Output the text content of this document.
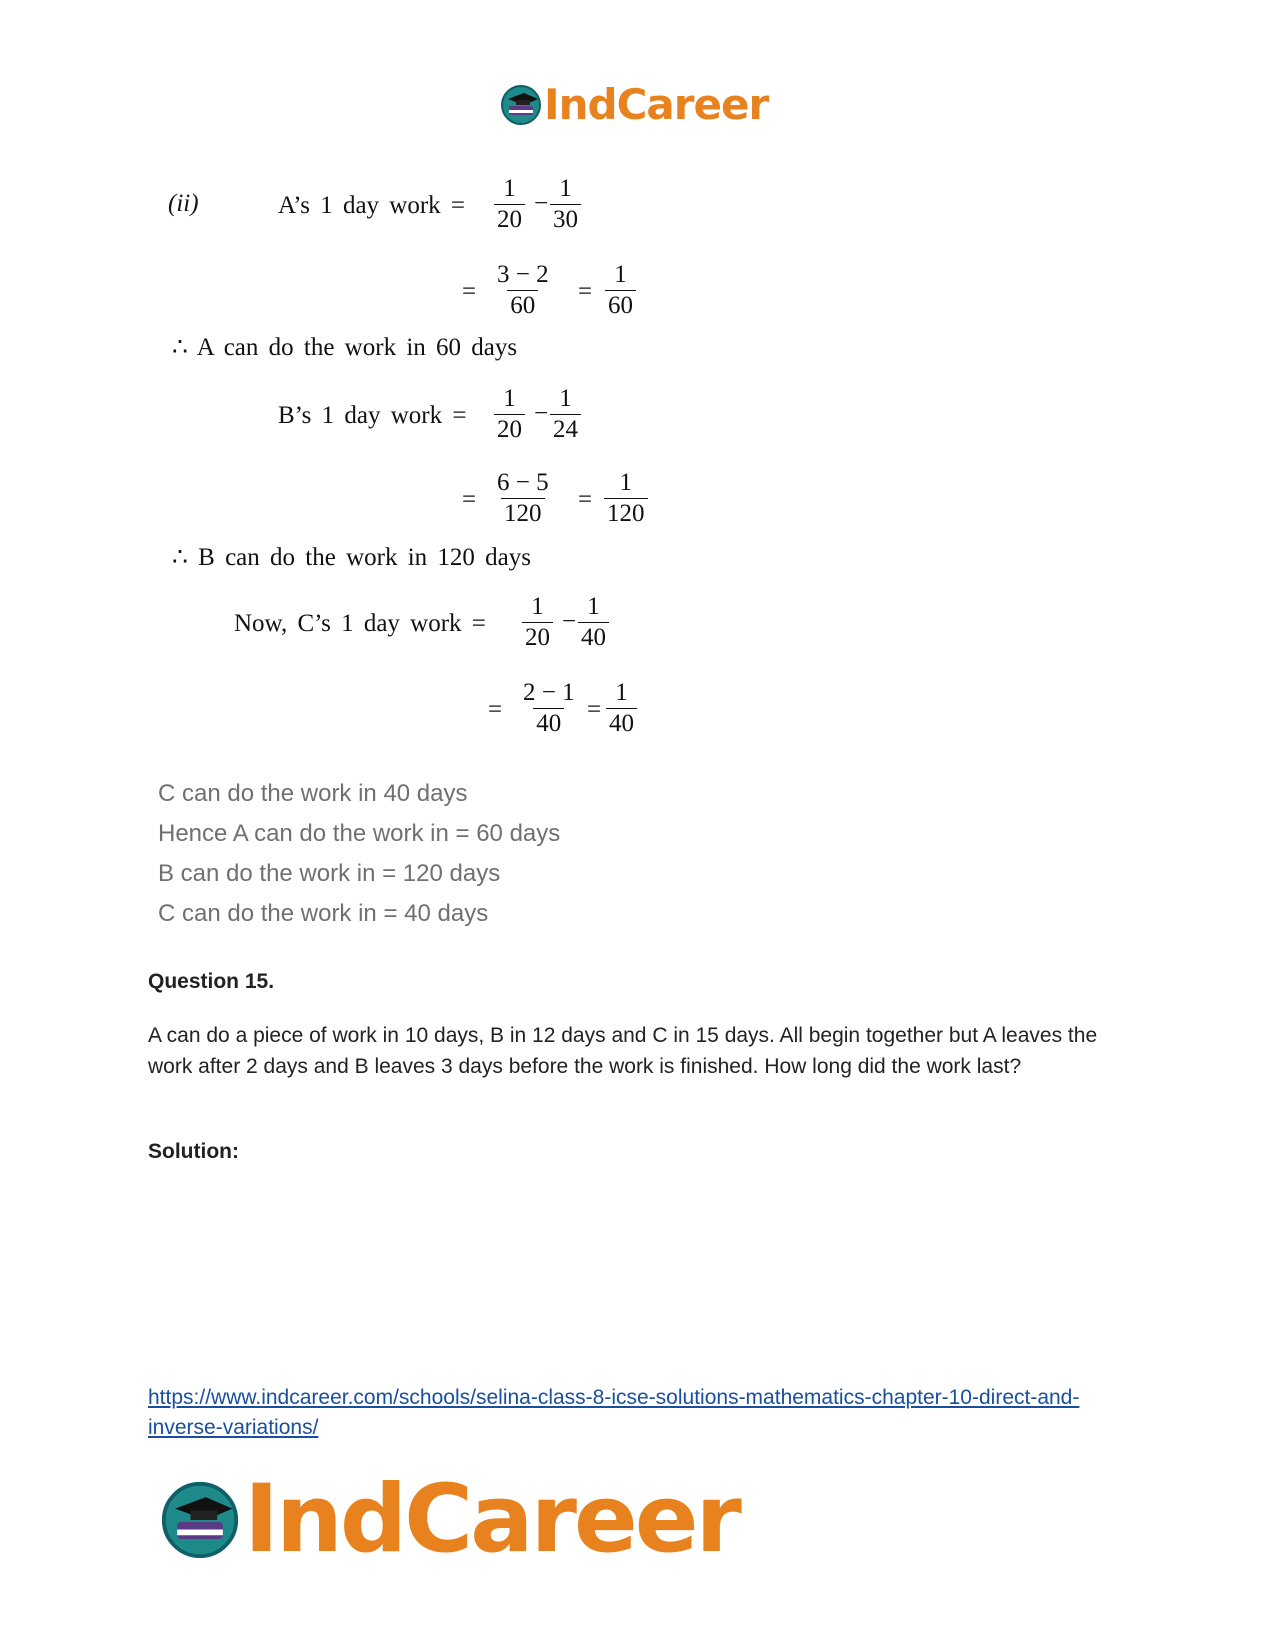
IndCareer
(ii)	A’s 1 day work = $\frac{1}{20} - \frac{1}{30}$
= $\frac{3 - 2}{60} = \frac{1}{60}$
∴ A can do the work in 60 days
B’s 1 day work = $\frac{1}{20} - \frac{1}{24}$
= $\frac{6 - 5}{120} = \frac{1}{120}$
∴ B can do the work in 120 days
Now, C’s 1 day work = $\frac{1}{20} - \frac{1}{40}$
= $\frac{2 - 1}{40} = \frac{1}{40}$
C can do the work in 40 days
Hence A can do the work in = 60 days
B can do the work in = 120 days
C can do the work in = 40 days
Question 15.
A can do a piece of work in 10 days, B in 12 days and C in 15 days. All begin together but A leaves the work after 2 days and B leaves 3 days before the work is finished. How long did the work last?
Solution:
https://www.indcareer.com/schools/selina-class-8-icse-solutions-mathematics-chapter-10-direct-and-inverse-variations/
IndCareer
